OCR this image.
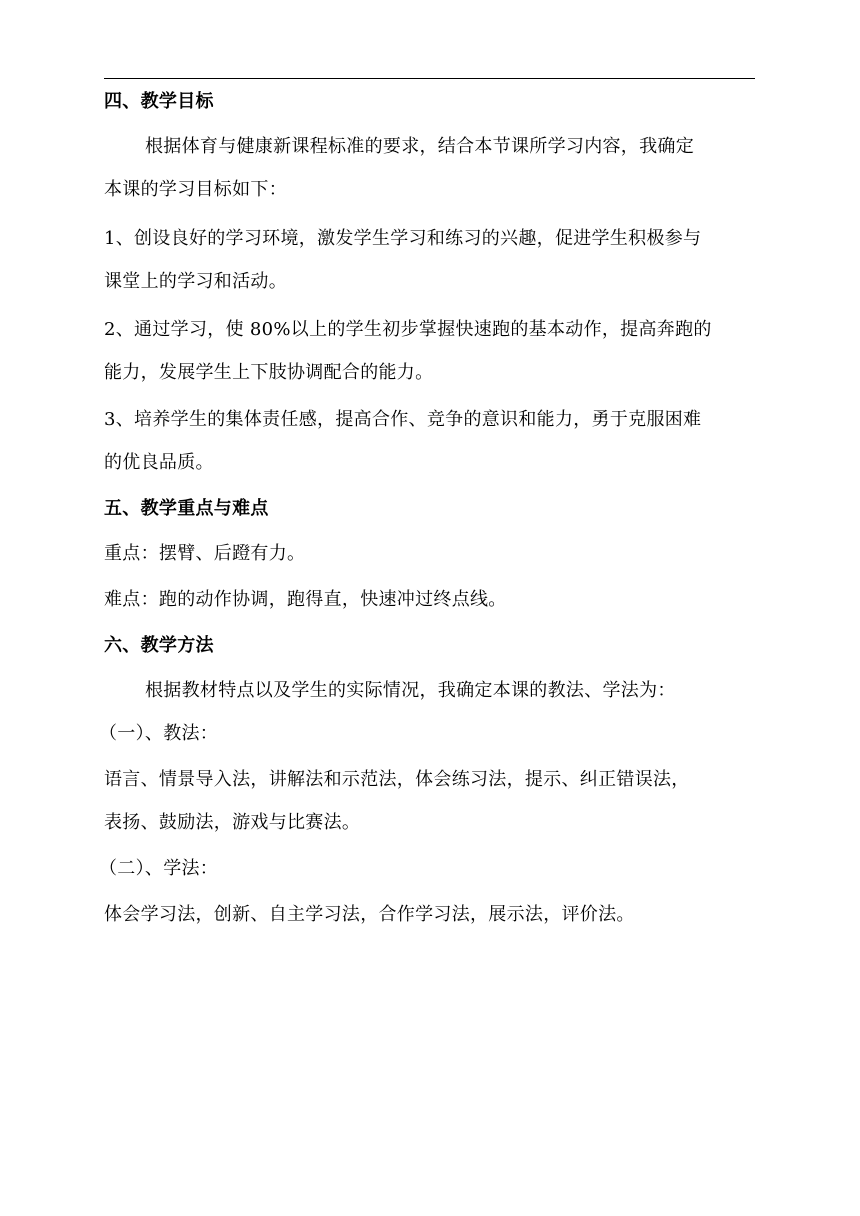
四、教学目标
根据体育与健康新课程标准的要求，结合本节课所学习内容，我确定
本课的学习目标如下：
1、创设良好的学习环境，激发学生学习和练习的兴趣，促进学生积极参与
课堂上的学习和活动。
2、通过学习，使 80%以上的学生初步掌握快速跑的基本动作，提高奔跑的
能力，发展学生上下肢协调配合的能力。
3、培养学生的集体责任感，提高合作、竞争的意识和能力，勇于克服困难
的优良品质。
五、教学重点与难点
重点：摆臂、后蹬有力。
难点：跑的动作协调，跑得直，快速冲过终点线。
六、教学方法
根据教材特点以及学生的实际情况，我确定本课的教法、学法为：
（一）、教法：
语言、情景导入法，讲解法和示范法，体会练习法，提示、纠正错误法，
表扬、鼓励法，游戏与比赛法。
（二）、学法：
体会学习法，创新、自主学习法，合作学习法，展示法，评价法。
